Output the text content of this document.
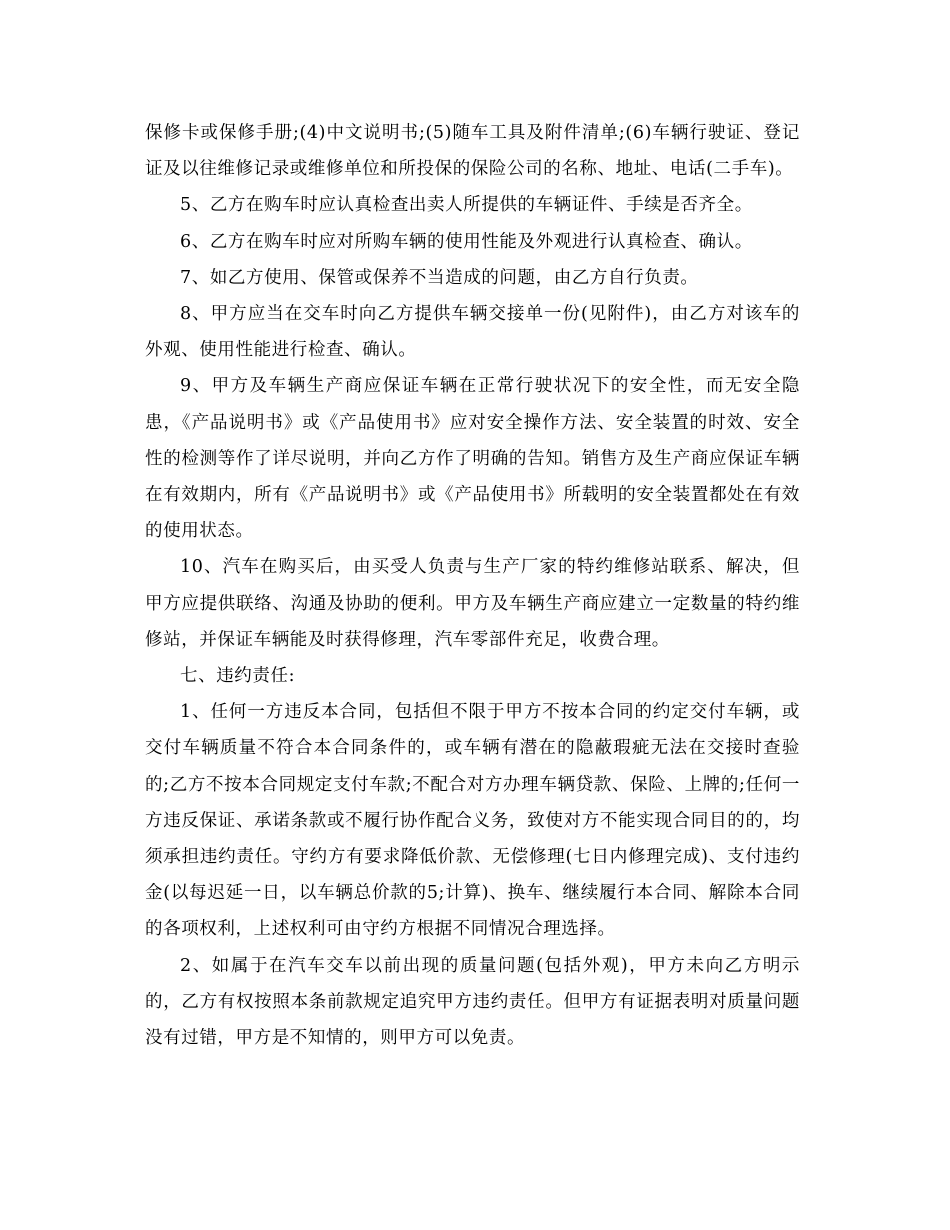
保修卡或保修手册;(4)中文说明书;(5)随车工具及附件清单;(6)车辆行驶证、登记证及以往维修记录或维修单位和所投保的保险公司的名称、地址、电话(二手车)。

5、乙方在购车时应认真检查出卖人所提供的车辆证件、手续是否齐全。

6、乙方在购车时应对所购车辆的使用性能及外观进行认真检查、确认。

7、如乙方使用、保管或保养不当造成的问题，由乙方自行负责。

8、甲方应当在交车时向乙方提供车辆交接单一份(见附件)，由乙方对该车的外观、使用性能进行检查、确认。

9、甲方及车辆生产商应保证车辆在正常行驶状况下的安全性，而无安全隐患，《产品说明书》或《产品使用书》应对安全操作方法、安全装置的时效、安全性的检测等作了详尽说明，并向乙方作了明确的告知。销售方及生产商应保证车辆在有效期内，所有《产品说明书》或《产品使用书》所载明的安全装置都处在有效的使用状态。

10、汽车在购买后，由买受人负责与生产厂家的特约维修站联系、解决，但甲方应提供联络、沟通及协助的便利。甲方及车辆生产商应建立一定数量的特约维修站，并保证车辆能及时获得修理，汽车零部件充足，收费合理。

七、违约责任:

1、任何一方违反本合同，包括但不限于甲方不按本合同的约定交付车辆，或交付车辆质量不符合本合同条件的，或车辆有潜在的隐蔽瑕疵无法在交接时查验的;乙方不按本合同规定支付车款;不配合对方办理车辆贷款、保险、上牌的;任何一方违反保证、承诺条款或不履行协作配合义务，致使对方不能实现合同目的的，均须承担违约责任。守约方有要求降低价款、无偿修理(七日内修理完成)、支付违约金(以每迟延一日，以车辆总价款的5;计算)、换车、继续履行本合同、解除本合同的各项权利，上述权利可由守约方根据不同情况合理选择。

2、如属于在汽车交车以前出现的质量问题(包括外观)，甲方未向乙方明示的，乙方有权按照本条前款规定追究甲方违约责任。但甲方有证据表明对质量问题没有过错，甲方是不知情的，则甲方可以免责。
